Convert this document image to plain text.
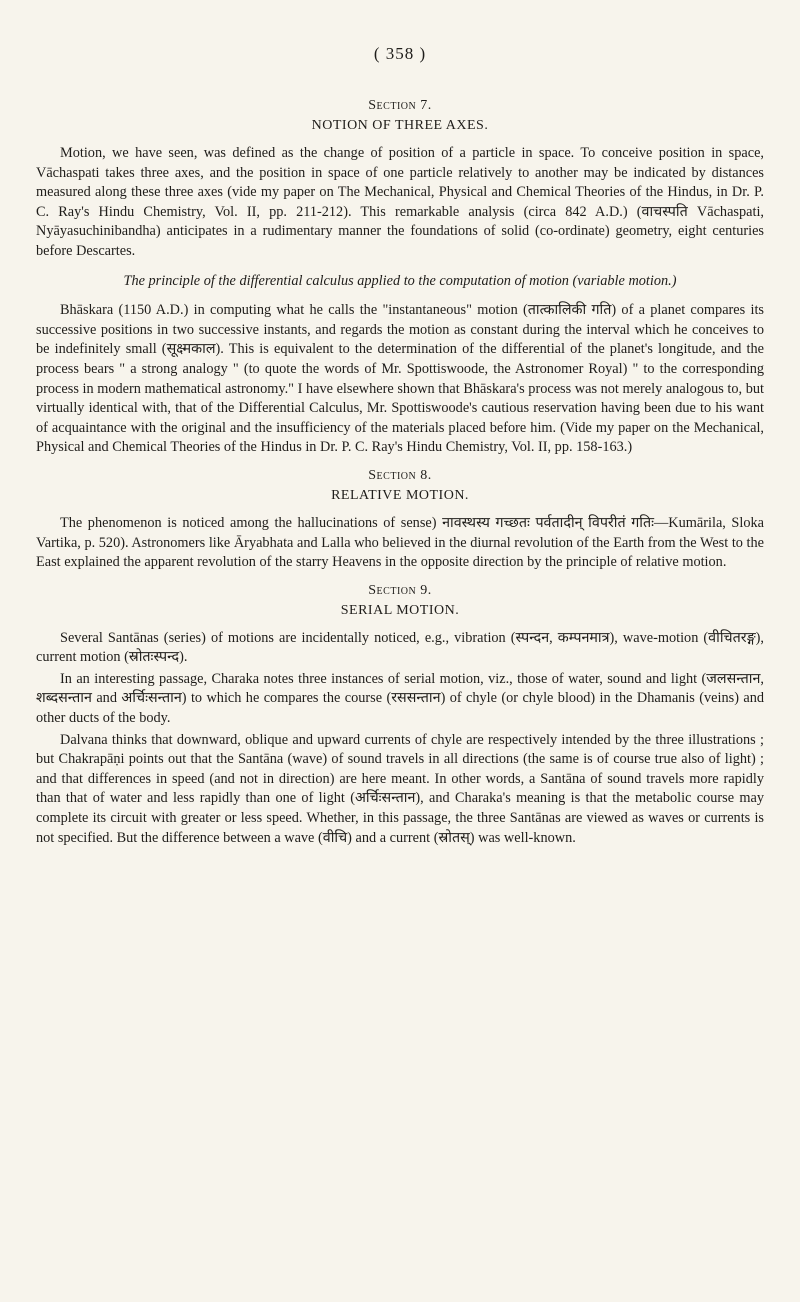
( 358 )
Section 7.
NOTION OF THREE AXES.

Motion, we have seen, was defined as the change of position of a particle in space. To conceive position in space, Vāchaspati takes three axes, and the position in space of one particle relatively to another may be indicated by distances measured along these three axes (vide my paper on The Mechanical, Physical and Chemical Theories of the Hindus, in Dr. P. C. Ray's Hindu Chemistry, Vol. II, pp. 211-212). This remarkable analysis (circa 842 A.D.) (वाचस्पति Vāchaspati, Nyāyasuchinibandha) anticipates in a rudimentary manner the foundations of solid (co-ordinate) geometry, eight centuries before Descartes.

The principle of the differential calculus applied to the computation of motion (variable motion.)

Bhāskara (1150 A.D.) in computing what he calls the "instantaneous" motion (तात्कालिकी गति) of a planet compares its successive positions in two successive instants, and regards the motion as constant during the interval which he conceives to be indefinitely small (सूक्ष्मकाल). This is equivalent to the determination of the differential of the planet's longitude, and the process bears " a strong analogy " (to quote the words of Mr. Spottiswoode, the Astronomer Royal) " to the corresponding process in modern mathematical astronomy." I have elsewhere shown that Bhāskara's process was not merely analogous to, but virtually identical with, that of the Differential Calculus, Mr. Spottiswoode's cautious reservation having been due to his want of acquaintance with the original and the insufficiency of the materials placed before him. (Vide my paper on the Mechanical, Physical and Chemical Theories of the Hindus in Dr. P. C. Ray's Hindu Chemistry, Vol. II, pp. 158-163.)

Section 8.
RELATIVE MOTION.

The phenomenon is noticed among the hallucinations of sense) नावस्थस्य गच्छतः पर्वतादीन् विपरीतं गतिः—Kumārila, Sloka Vartika, p. 520). Astronomers like Āryabhata and Lalla who believed in the diurnal revolution of the Earth from the West to the East explained the apparent revolution of the starry Heavens in the opposite direction by the principle of relative motion.

Section 9.
SERIAL MOTION.

Several Santānas (series) of motions are incidentally noticed, e.g., vibration (स्पन्दन, कम्पनमात्र), wave-motion (वीचितरङ्ग), current motion (स्रोतःस्पन्द).

In an interesting passage, Charaka notes three instances of serial motion, viz., those of water, sound and light (जलसन्तान, शब्दसन्तान and अर्चिःसन्तान) to which he compares the course (रससन्तान) of chyle (or chyle blood) in the Dhamanis (veins) and other ducts of the body.

Dalvana thinks that downward, oblique and upward currents of chyle are respectively intended by the three illustrations ; but Chakrapāṇi points out that the Santāna (wave) of sound travels in all directions (the same is of course true also of light) ; and that differences in speed (and not in direction) are here meant. In other words, a Santāna of sound travels more rapidly than that of water and less rapidly than one of light (अर्चिःसन्तान), and Charaka's meaning is that the metabolic course may complete its circuit with greater or less speed. Whether, in this passage, the three Santānas are viewed as waves or currents is not specified. But the difference between a wave (वीचि) and a current (स्रोतस्) was well-known.
